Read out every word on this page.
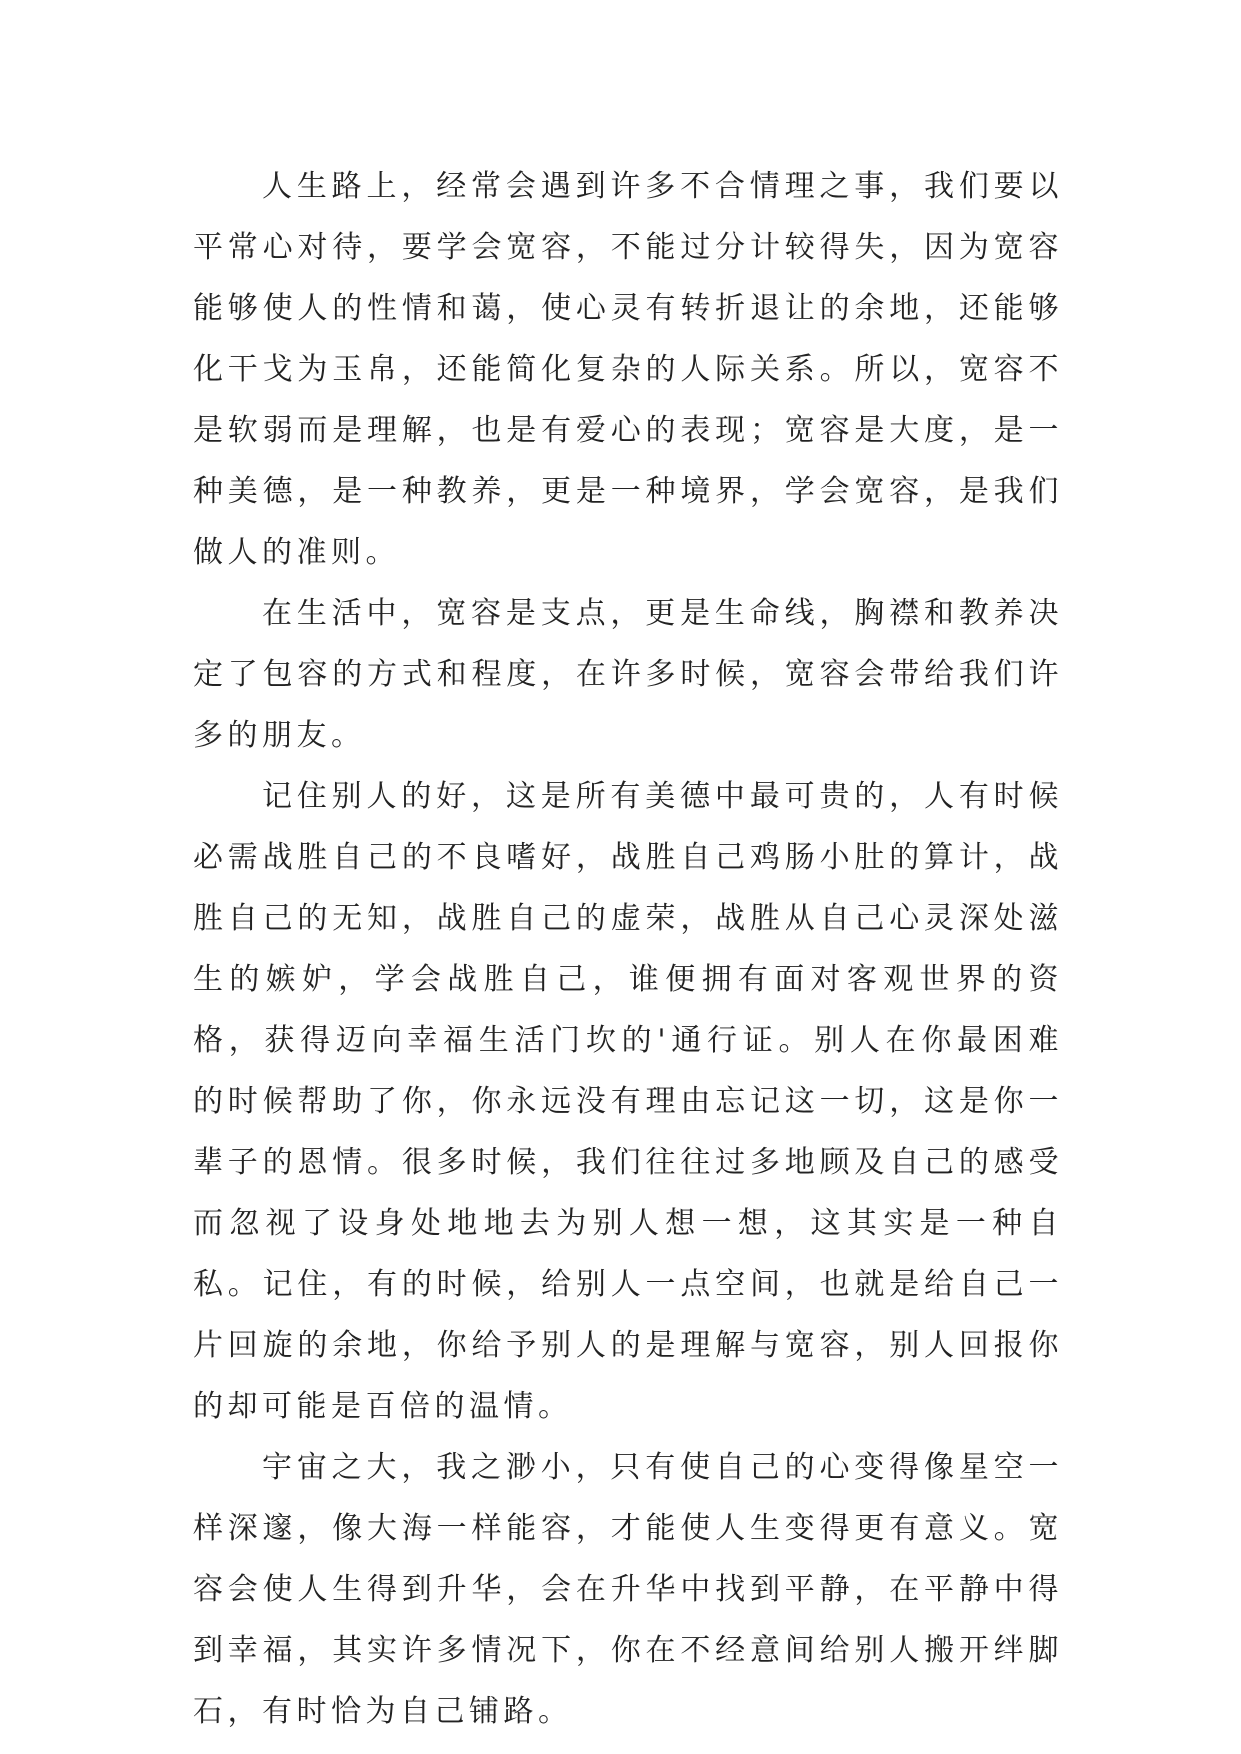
人生路上，经常会遇到许多不合情理之事，我们要以平常心对待，要学会宽容，不能过分计较得失，因为宽容能够使人的性情和蔼，使心灵有转折退让的余地，还能够化干戈为玉帛，还能简化复杂的人际关系。所以，宽容不是软弱而是理解，也是有爱心的表现；宽容是大度，是一种美德，是一种教养，更是一种境界，学会宽容，是我们做人的准则。

在生活中，宽容是支点，更是生命线，胸襟和教养决定了包容的方式和程度，在许多时候，宽容会带给我们许多的朋友。

记住别人的好，这是所有美德中最可贵的，人有时候必需战胜自己的不良嗜好，战胜自己鸡肠小肚的算计，战胜自己的无知，战胜自己的虚荣，战胜从自己心灵深处滋生的嫉妒，学会战胜自己，谁便拥有面对客观世界的资格，获得迈向幸福生活门坎的'通行证。别人在你最困难的时候帮助了你，你永远没有理由忘记这一切，这是你一辈子的恩情。很多时候，我们往往过多地顾及自己的感受而忽视了设身处地地去为别人想一想，这其实是一种自私。记住，有的时候，给别人一点空间，也就是给自己一片回旋的余地，你给予别人的是理解与宽容，别人回报你的却可能是百倍的温情。

宇宙之大，我之渺小，只有使自己的心变得像星空一样深邃，像大海一样能容，才能使人生变得更有意义。宽容会使人生得到升华，会在升华中找到平静，在平静中得到幸福，其实许多情况下，你在不经意间给别人搬开绊脚石，有时恰为自己铺路。
